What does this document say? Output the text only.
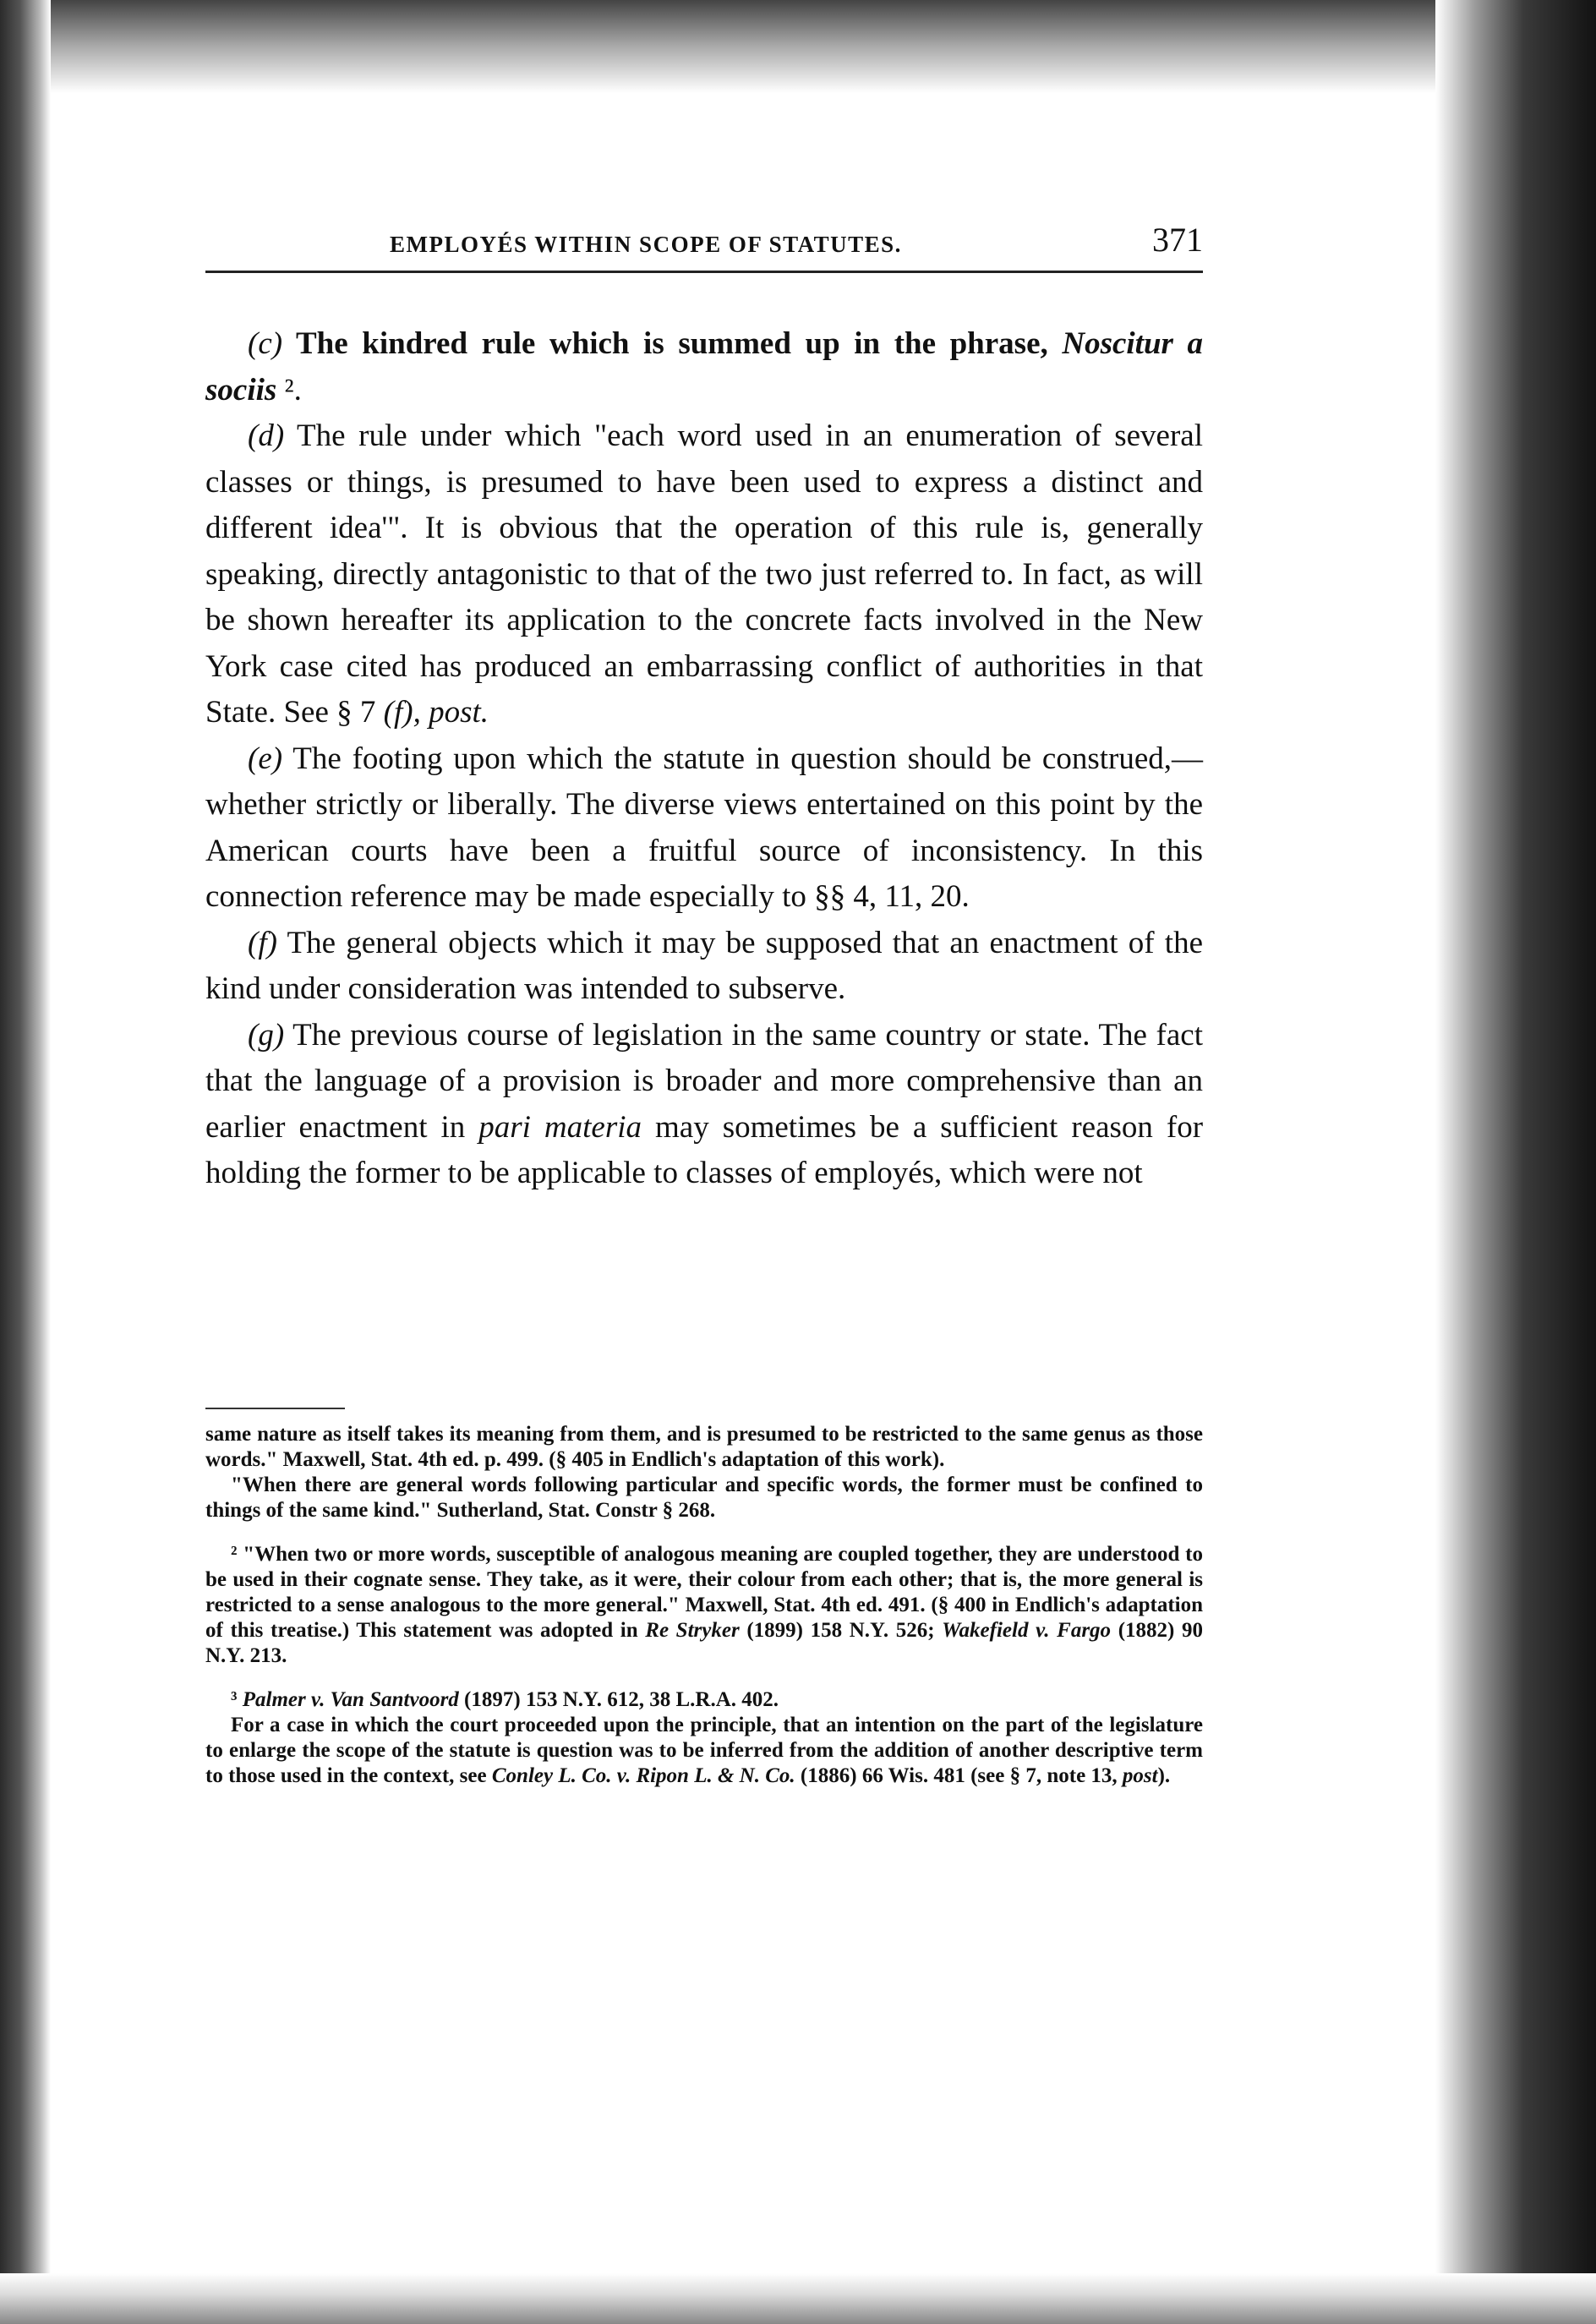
EMPLOYÉS WITHIN SCOPE OF STATUTES.	371

(c) The kindred rule which is summed up in the phrase, Noscitur a sociis ².

(d) The rule under which "each word used in an enumeration of several classes or things, is presumed to have been used to express a distinct and different idea'". It is obvious that the operation of this rule is, generally speaking, directly antagonistic to that of the two just referred to. In fact, as will be shown hereafter its application to the concrete facts involved in the New York case cited has produced an embarrassing conflict of authorities in that State. See § 7 (f), post.

(e) The footing upon which the statute in question should be construed,—whether strictly or liberally. The diverse views entertained on this point by the American courts have been a fruitful source of inconsistency. In this connection reference may be made especially to §§ 4, 11, 20.

(f) The general objects which it may be supposed that an enactment of the kind under consideration was intended to subserve.

(g) The previous course of legislation in the same country or state. The fact that the language of a provision is broader and more comprehensive than an earlier enactment in pari materia may sometimes be a sufficient reason for holding the former to be applicable to classes of employés, which were not

same nature as itself takes its meaning from them, and is presumed to be restricted to the same genus as those words." Maxwell, Stat. 4th ed. p. 499. (§ 405 in Endlich's adaptation of this work).

"When there are general words following particular and specific words, the former must be confined to things of the same kind." Sutherland, Stat. Constr § 268.

² "When two or more words, susceptible of analogous meaning are coupled together, they are understood to be used in their cognate sense. They take, as it were, their colour from each other; that is, the more general is restricted to a sense analogous to the more general." Maxwell, Stat. 4th ed. 491. (§ 400 in Endlich's adaptation of this treatise.) This statement was adopted in Re Stryker (1899) 158 N.Y. 526; Wakefield v. Fargo (1882) 90 N.Y. 213.

³ Palmer v. Van Santvoord (1897) 153 N.Y. 612, 38 L.R.A. 402.

For a case in which the court proceeded upon the principle, that an intention on the part of the legislature to enlarge the scope of the statute is question was to be inferred from the addition of another descriptive term to those used in the context, see Conley L. Co. v. Ripon L. & N. Co. (1886) 66 Wis. 481 (see § 7, note 13, post).
